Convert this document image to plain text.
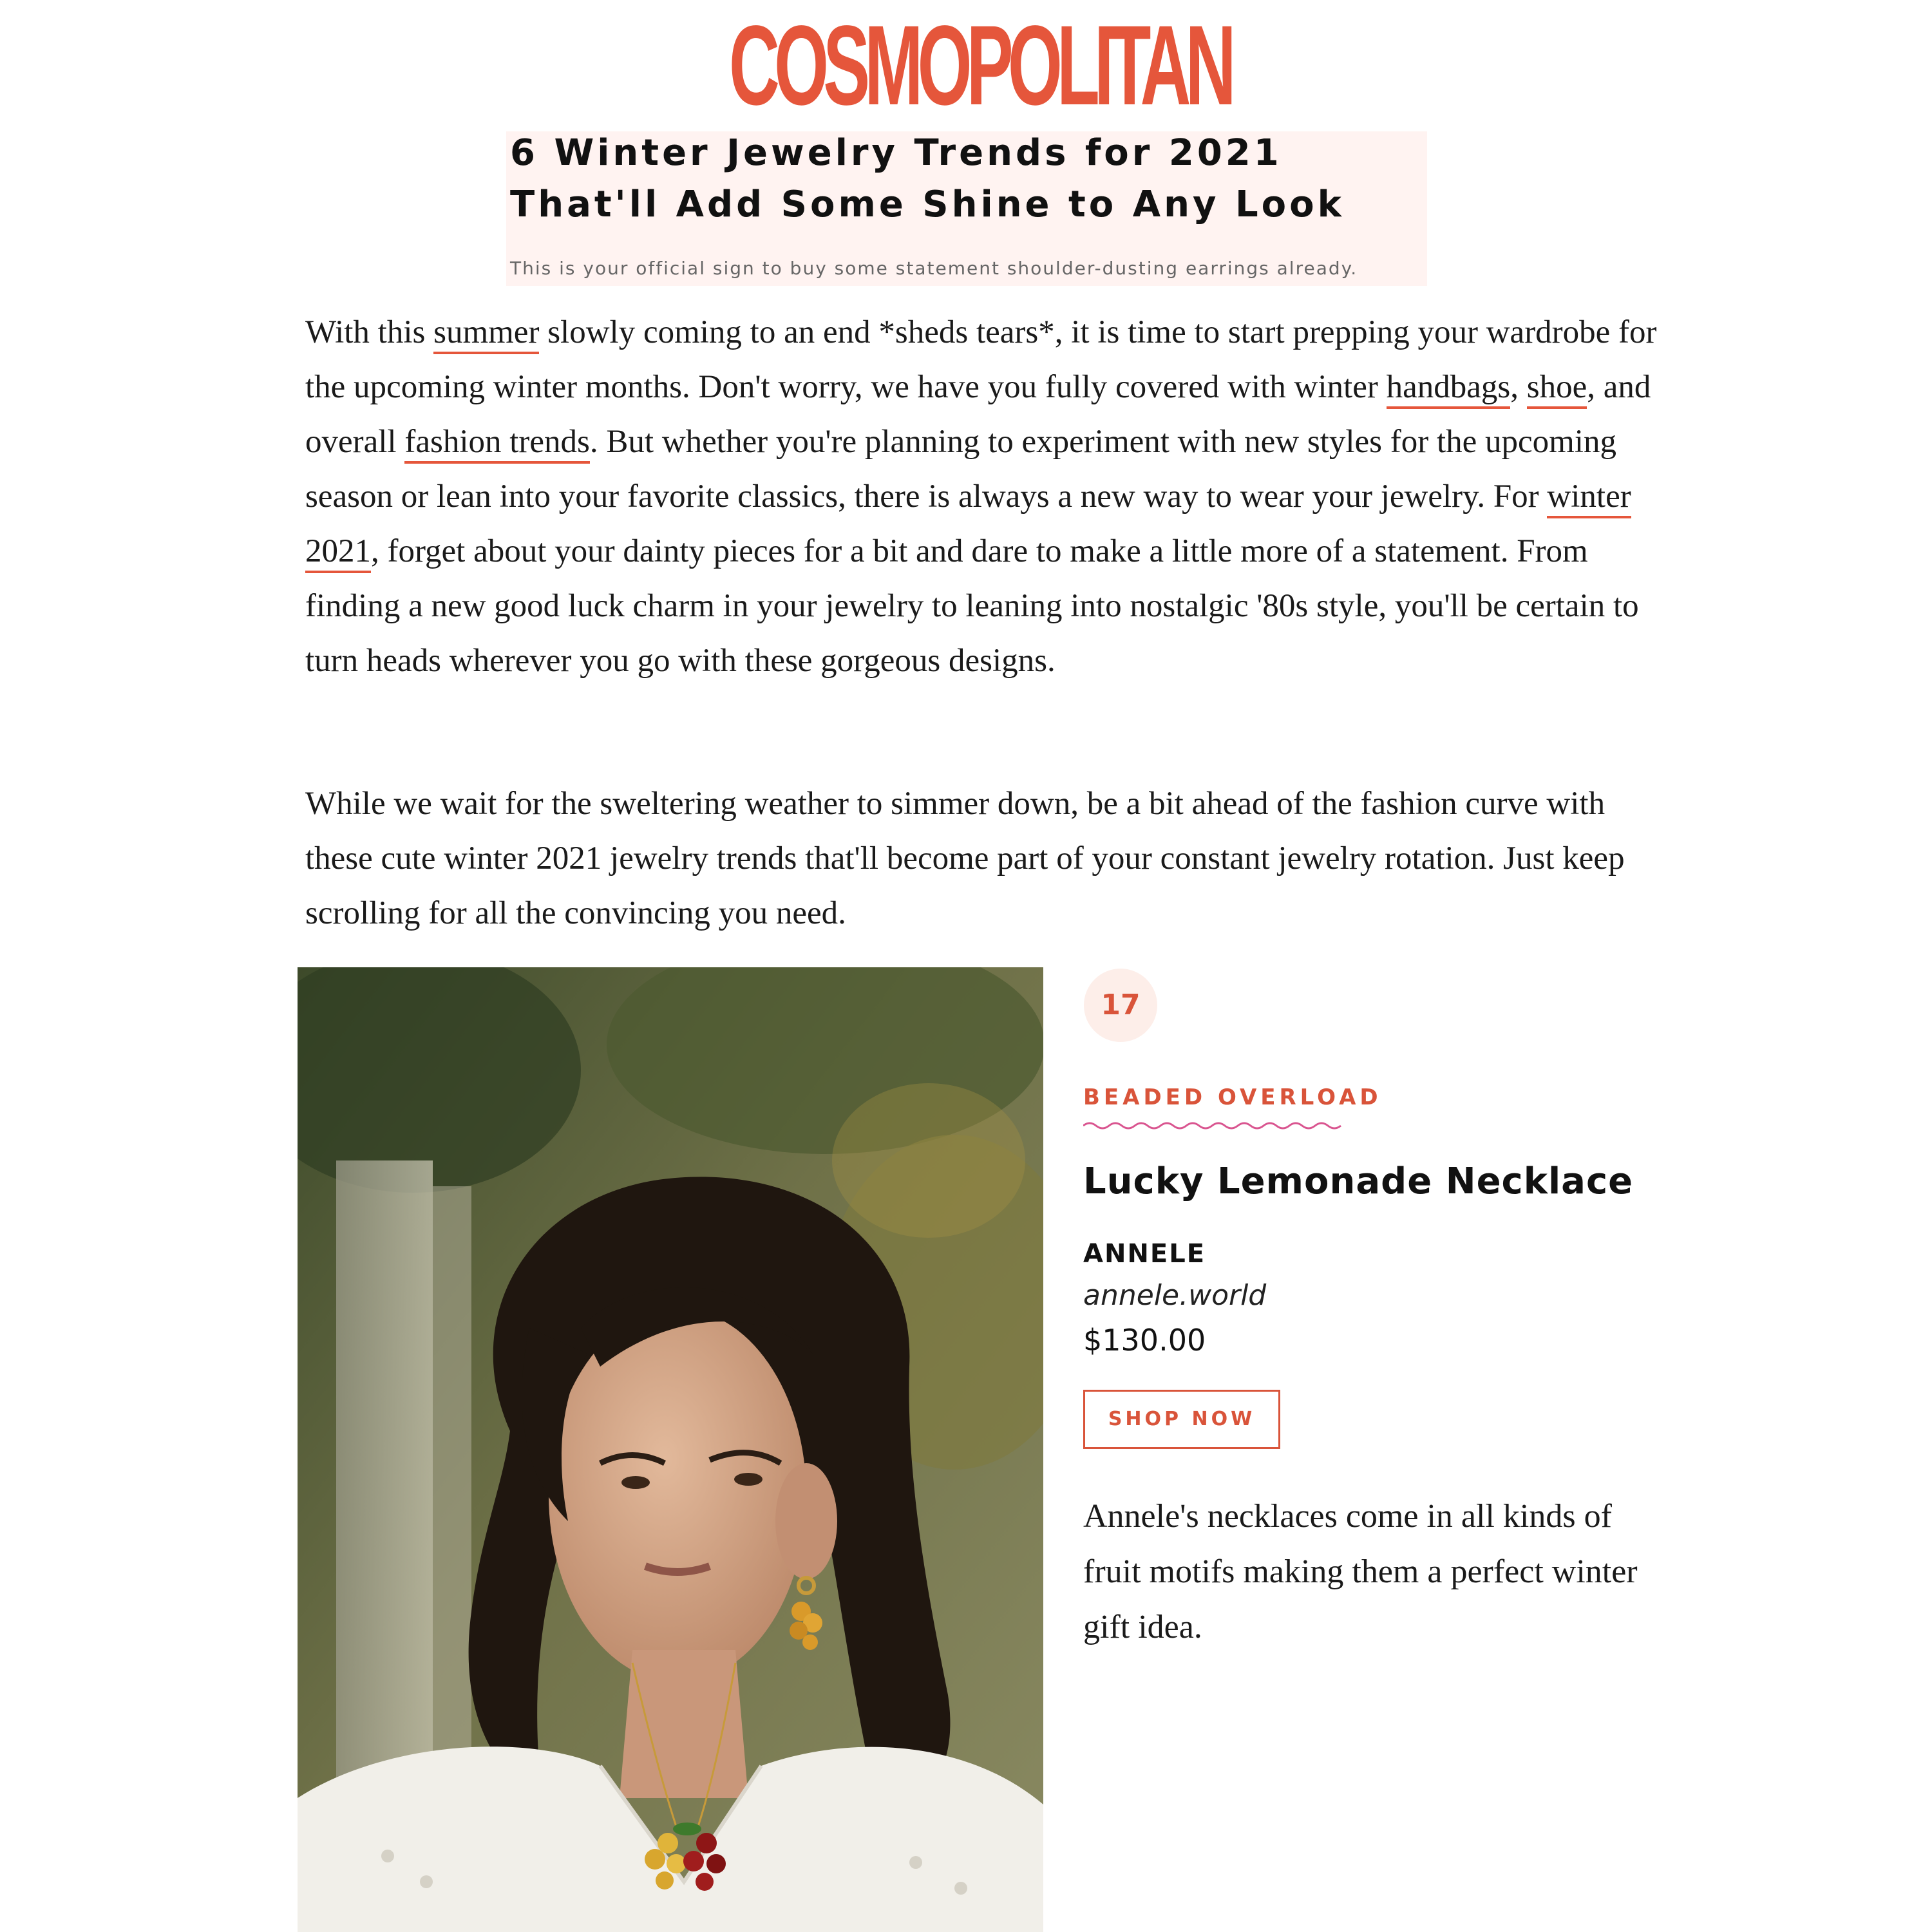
COSMOPOLITAN
6 Winter Jewelry Trends for 2021 That'll Add Some Shine to Any Look
This is your official sign to buy some statement shoulder-dusting earrings already.

With this summer slowly coming to an end *sheds tears*, it is time to start prepping your wardrobe for the upcoming winter months. Don't worry, we have you fully covered with winter handbags, shoe, and overall fashion trends. But whether you're planning to experiment with new styles for the upcoming season or lean into your favorite classics, there is always a new way to wear your jewelry. For winter 2021, forget about your dainty pieces for a bit and dare to make a little more of a statement. From finding a new good luck charm in your jewelry to leaning into nostalgic '80s style, you'll be certain to turn heads wherever you go with these gorgeous designs.

While we wait for the sweltering weather to simmer down, be a bit ahead of the fashion curve with these cute winter 2021 jewelry trends that'll become part of your constant jewelry rotation. Just keep scrolling for all the convincing you need.

17
BEADED OVERLOAD
Lucky Lemonade Necklace
ANNELE
annele.world
$130.00
SHOP NOW

Annele's necklaces come in all kinds of fruit motifs making them a perfect winter gift idea.
